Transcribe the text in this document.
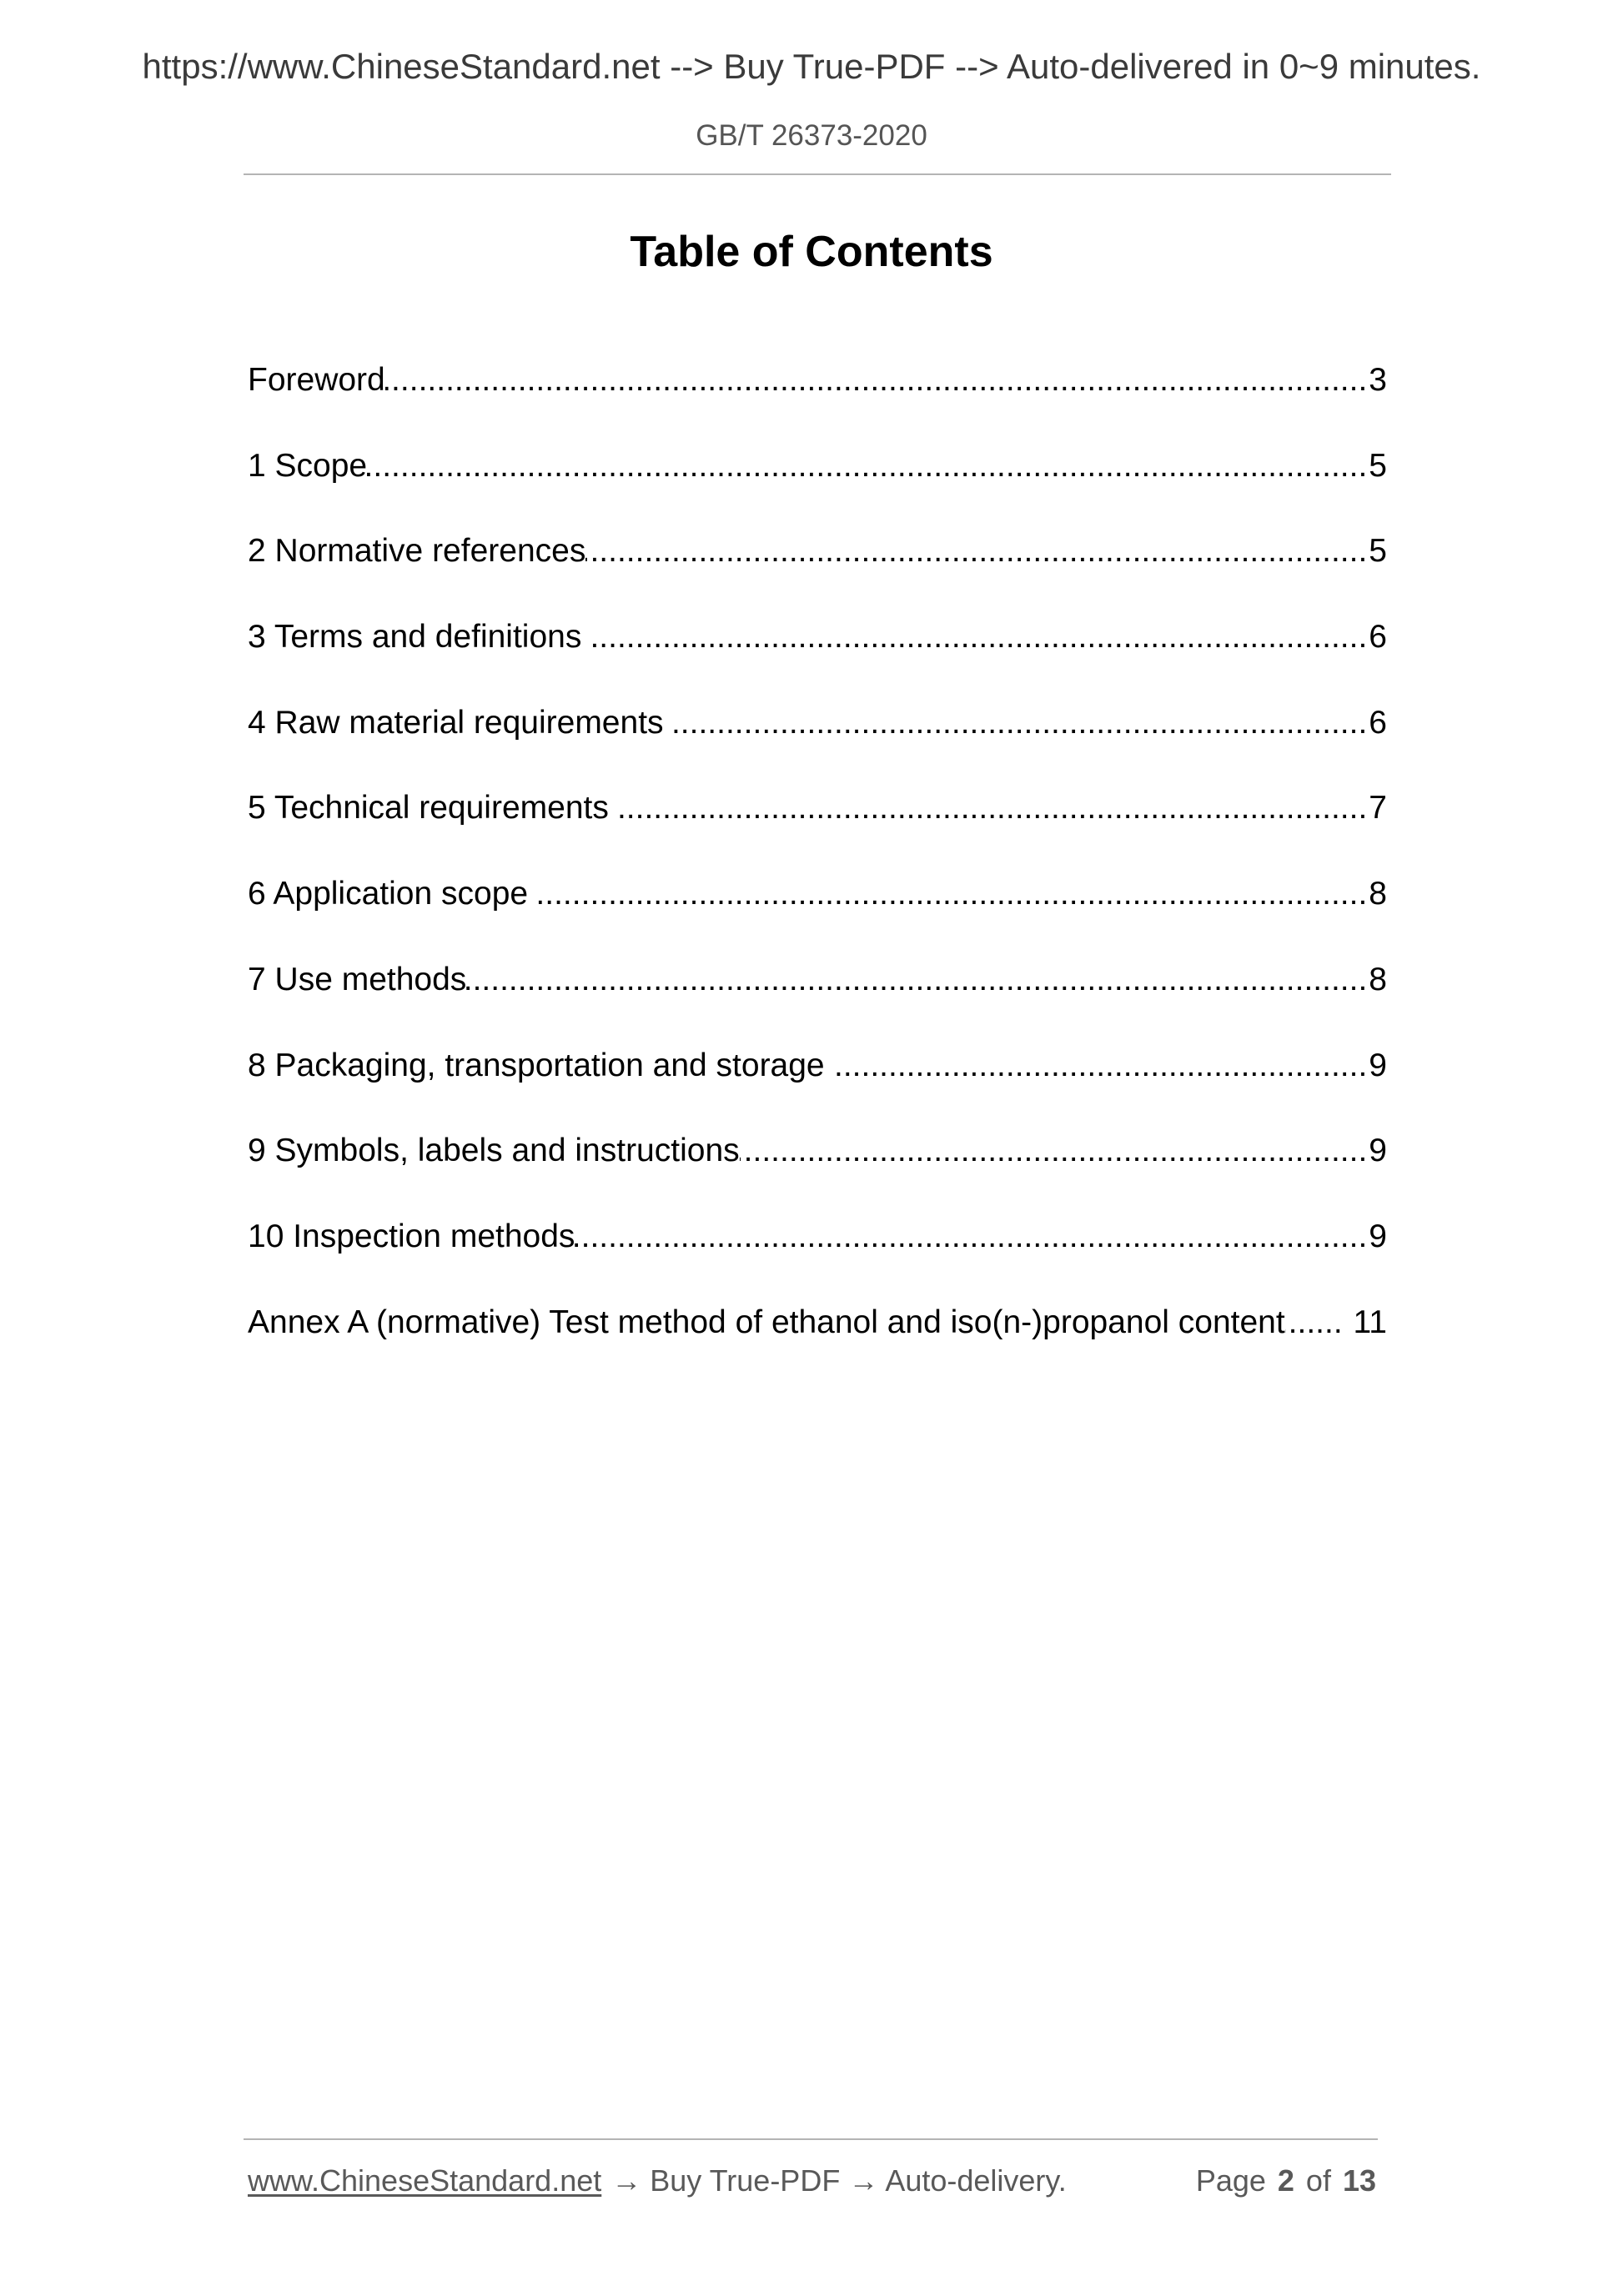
https://www.ChineseStandard.net --> Buy True-PDF --> Auto-delivered in 0~9 minutes.
GB/T 26373-2020
Table of Contents
Foreword .....	3
1 Scope .....	5
2 Normative references .....	5
3 Terms and definitions .....	6
4 Raw material requirements .....	6
5 Technical requirements .....	7
6 Application scope .....	8
7 Use methods .....	8
8 Packaging, transportation and storage .....	9
9 Symbols, labels and instructions .....	9
10 Inspection methods .....	9
Annex A (normative) Test method of ethanol and iso(n-)propanol content ..... 11
www.ChineseStandard.net → Buy True-PDF → Auto-delivery.	Page 2 of 13
